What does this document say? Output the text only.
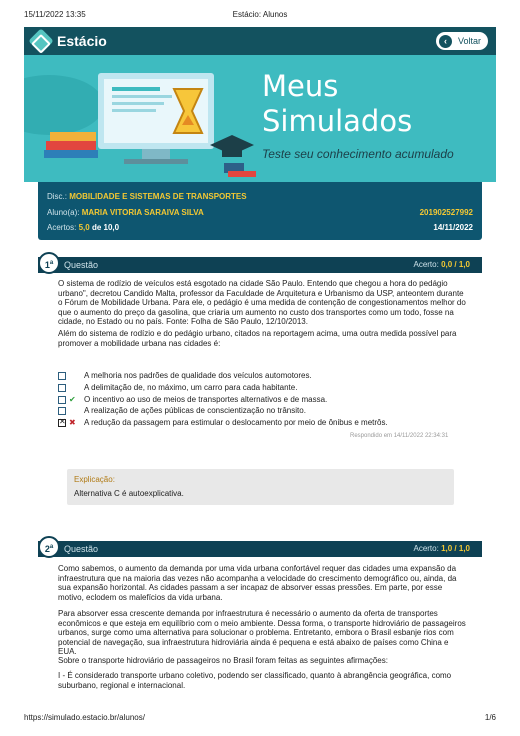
15/11/2022 13:35	Estácio: Alunos
Estácio	‹	Voltar
Meus
Simulados
Teste seu conhecimento acumulado
Disc.: MOBILIDADE E SISTEMAS DE TRANSPORTES
Aluno(a): MARIA VITORIA SARAIVA SILVA	201902527992
Acertos: 5,0 de 10,0	14/11/2022
1$^a$	Questão	Acerto: 0,0 / 1,0
O sistema de rodízio de veículos está esgotado na cidade São Paulo. Entendo que chegou a hora do pedágio urbano", decretou Candido Malta, professor da Faculdade de Arquitetura e Urbanismo da USP, anteontem durante o Fórum de Mobilidade Urbana. Para ele, o pedágio é uma medida de contenção de congestionamentos melhor do que o aumento do preço da gasolina, que criaria um aumento no custo dos transportes como um todo, fosse na cidade, no Estado ou no país. Fonte: Folha de São Paulo, 12/10/2013.
Além do sistema de rodízio e do pedágio urbano, citados na reportagem acima, uma outra medida possível para promover a mobilidade urbana nas cidades é:
A melhoria nos padrões de qualidade dos veículos automotores.
A delimitação de, no máximo, um carro para cada habitante.
✔ O incentivo ao uso de meios de transportes alternativos e de massa.
A realização de ações públicas de conscientização no trânsito.
✕
✖ A redução da passagem para estimular o deslocamento por meio de ônibus e metrôs.
Respondido em 14/11/2022 22:34:31
Explicação:
Alternativa C é autoexplicativa.
2$^a$	Questão	Acerto: 1,0 / 1,0
Como sabemos, o aumento da demanda por uma vida urbana confortável requer das cidades uma expansão da infraestrutura que na maioria das vezes não acompanha a velocidade do crescimento demográfico ou, ainda, da sua expansão horizontal. As cidades passam a ser incapaz de absorver essas pressões. Em parte, por esse motivo, eclodem os malefícios da vida urbana.
Para absorver essa crescente demanda por infraestrutura é necessário o aumento da oferta de transportes econômicos e que esteja em equilíbrio com o meio ambiente. Dessa forma, o transporte hidroviário de passageiros urbanos, surge como uma alternativa para solucionar o problema. Entretanto, embora o Brasil esbanje rios com potencial de navegação, sua infraestrutura hidroviária ainda é pequena e está abaixo de países como China e EUA.
Sobre o transporte hidroviário de passageiros no Brasil foram feitas as seguintes afirmações:
I - É considerado transporte urbano coletivo, podendo ser classificado, quanto à abrangência geográfica, como suburbano, regional e internacional.
https://simulado.estacio.br/alunos/	1/6
